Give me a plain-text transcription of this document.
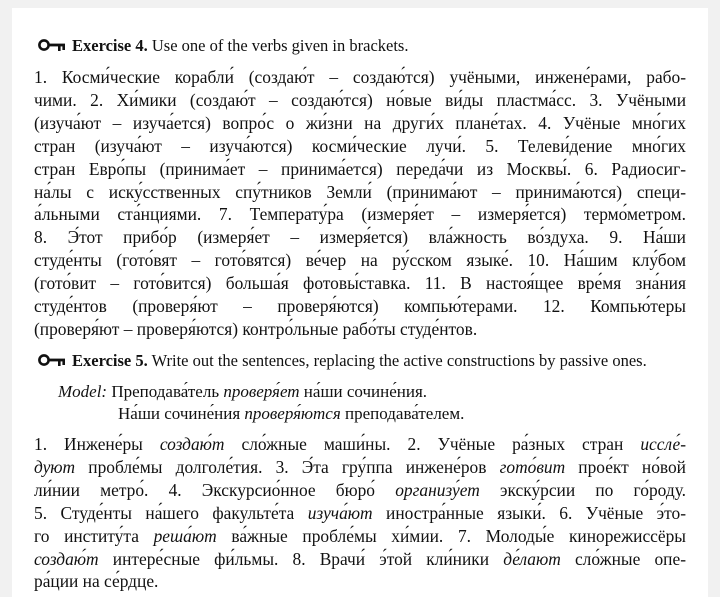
Exercise 4. Use one of the verbs given in brackets.
1. Косми́ческие корабли́ (создаю́т – создаю́тся) учёными, инжене́рами, рабо-
чими. 2. Хи́мики (создаю́т – создаю́тся) но́вые ви́ды пластма́сс. 3. Учёными
(изуча́ют – изуча́ется) вопро́с о жи́зни на други́х плане́тах. 4. Учёные мно́гих
стран (изуча́ют – изуча́ются) косми́ческие лучи́. 5. Телеви́дение мно́гих
стран Евро́пы (принима́ет – принима́ется) переда́чи из Москвы́. 6. Радиосиг-
на́лы с иску́сственных спу́тников Земли́ (принима́ют – принима́ются) специ-
а́льными ста́нциями. 7. Температу́ра (измеря́ет – измеря́ется) термо́метром.
8. Э́тот прибо́р (измеря́ет – измеря́ется) вла́жность во́здуха. 9. На́ши
студе́нты (гото́вят – гото́вятся) ве́чер на ру́сском языке́. 10. На́шим клу́бом
(гото́вит – гото́вится) больша́я фотовы́ставка. 11. В настоя́щее вре́мя зна́ния
студе́нтов (проверя́ют – проверя́ются) компью́терами. 12. Компью́теры
(проверя́ют – проверя́ются) контро́льные рабо́ты студе́нтов.
Exercise 5. Write out the sentences, replacing the active constructions by passive ones.
Model: Преподава́тель проверя́ет на́ши сочине́ния.
На́ши сочине́ния проверя́ются преподава́телем.
1. Инжене́ры создаю́т сло́жные маши́ны. 2. Учёные ра́зных стран иссле́-
дуют пробле́мы долголе́тия. 3. Э́та гру́ппа инжене́ров гото́вит прое́кт но́вой
ли́нии метро́. 4. Экскурсио́нное бюро́ организу́ет экску́рсии по го́роду.
5. Студе́нты на́шего факульте́та изуча́ют иностра́нные языки́. 6. Учёные э́то-
го институ́та реша́ют ва́жные пробле́мы хи́мии. 7. Молоды́е кинорежиссёры
создаю́т интере́сные фи́льмы. 8. Врачи́ э́той кли́ники де́лают сло́жные опе-
ра́ции на се́рдце.
